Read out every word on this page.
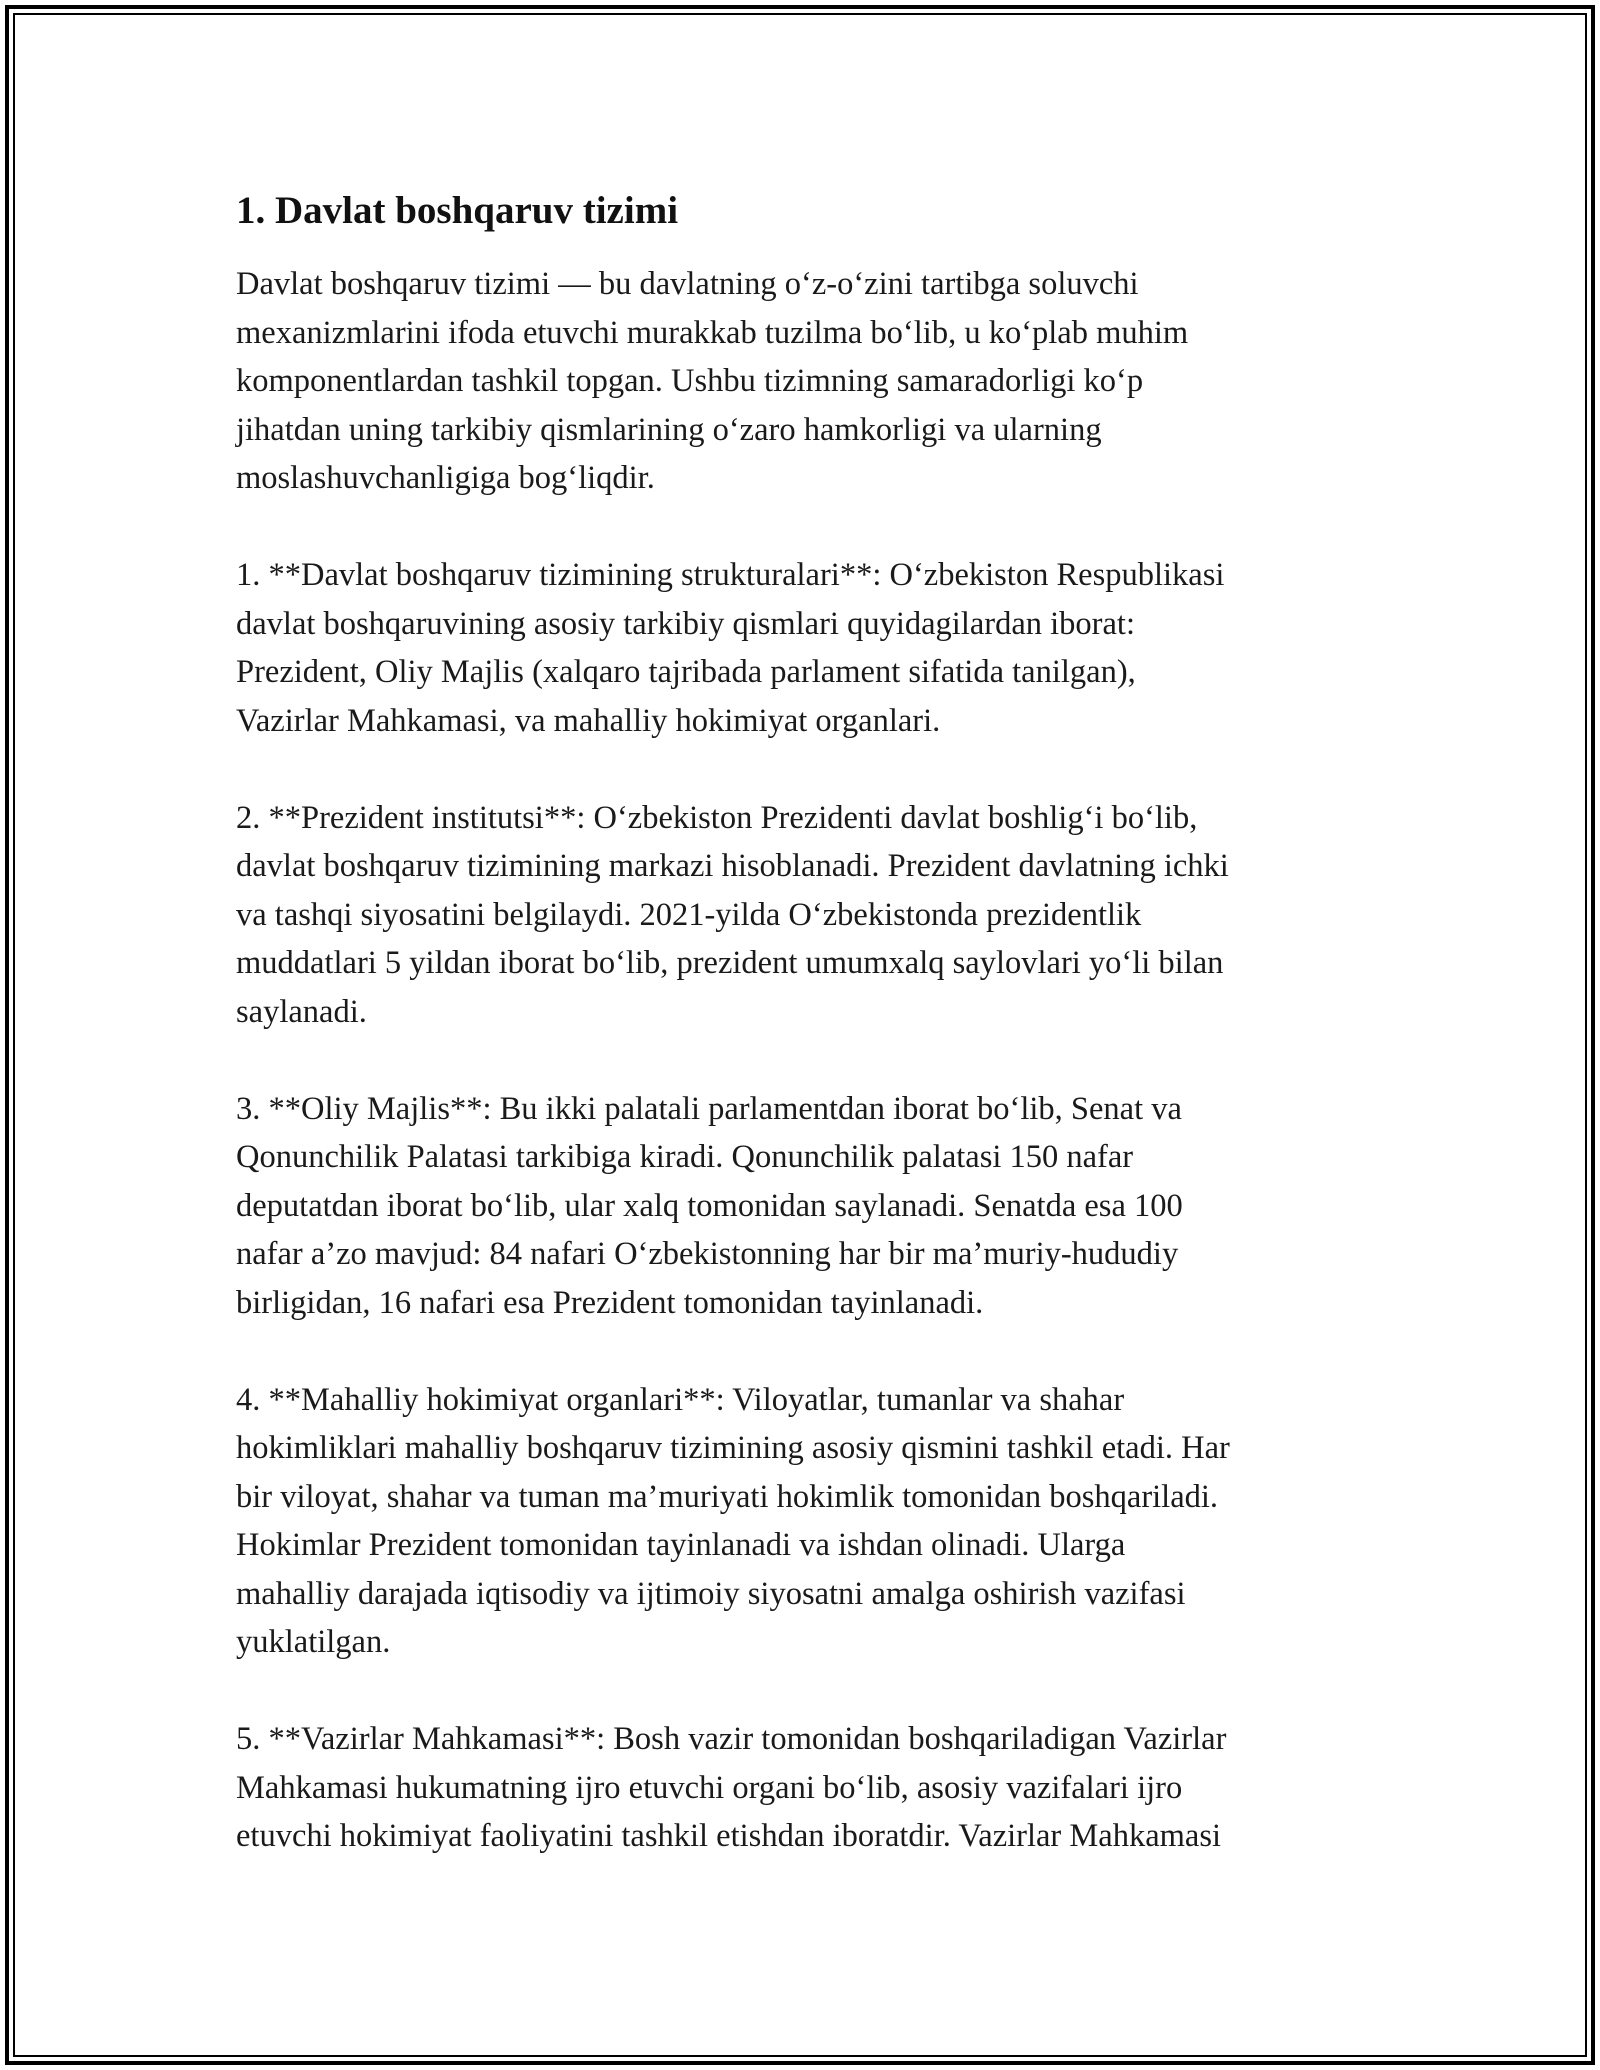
1. Davlat boshqaruv tizimi
Davlat boshqaruv tizimi — bu davlatning o‘z-o‘zini tartibga soluvchi
mexanizmlarini ifoda etuvchi murakkab tuzilma bo‘lib, u ko‘plab muhim
komponentlardan tashkil topgan. Ushbu tizimning samaradorligi ko‘p
jihatdan uning tarkibiy qismlarining o‘zaro hamkorligi va ularning
moslashuvchanligiga bog‘liqdir.
1. **Davlat boshqaruv tizimining strukturalari**: O‘zbekiston Respublikasi
davlat boshqaruvining asosiy tarkibiy qismlari quyidagilardan iborat:
Prezident, Oliy Majlis (xalqaro tajribada parlament sifatida tanilgan),
Vazirlar Mahkamasi, va mahalliy hokimiyat organlari.
2. **Prezident institutsi**: O‘zbekiston Prezidenti davlat boshlig‘i bo‘lib,
davlat boshqaruv tizimining markazi hisoblanadi. Prezident davlatning ichki
va tashqi siyosatini belgilaydi. 2021-yilda O‘zbekistonda prezidentlik
muddatlari 5 yildan iborat bo‘lib, prezident umumxalq saylovlari yo‘li bilan
saylanadi.
3. **Oliy Majlis**: Bu ikki palatali parlamentdan iborat bo‘lib, Senat va
Qonunchilik Palatasi tarkibiga kiradi. Qonunchilik palatasi 150 nafar
deputatdan iborat bo‘lib, ular xalq tomonidan saylanadi. Senatda esa 100
nafar a’zo mavjud: 84 nafari O‘zbekistonning har bir ma’muriy-hududiy
birligidan, 16 nafari esa Prezident tomonidan tayinlanadi.
4. **Mahalliy hokimiyat organlari**: Viloyatlar, tumanlar va shahar
hokimliklari mahalliy boshqaruv tizimining asosiy qismini tashkil etadi. Har
bir viloyat, shahar va tuman ma’muriyati hokimlik tomonidan boshqariladi.
Hokimlar Prezident tomonidan tayinlanadi va ishdan olinadi. Ularga
mahalliy darajada iqtisodiy va ijtimoiy siyosatni amalga oshirish vazifasi
yuklatilgan.
5. **Vazirlar Mahkamasi**: Bosh vazir tomonidan boshqariladigan Vazirlar
Mahkamasi hukumatning ijro etuvchi organi bo‘lib, asosiy vazifalari ijro
etuvchi hokimiyat faoliyatini tashkil etishdan iboratdir. Vazirlar Mahkamasi
